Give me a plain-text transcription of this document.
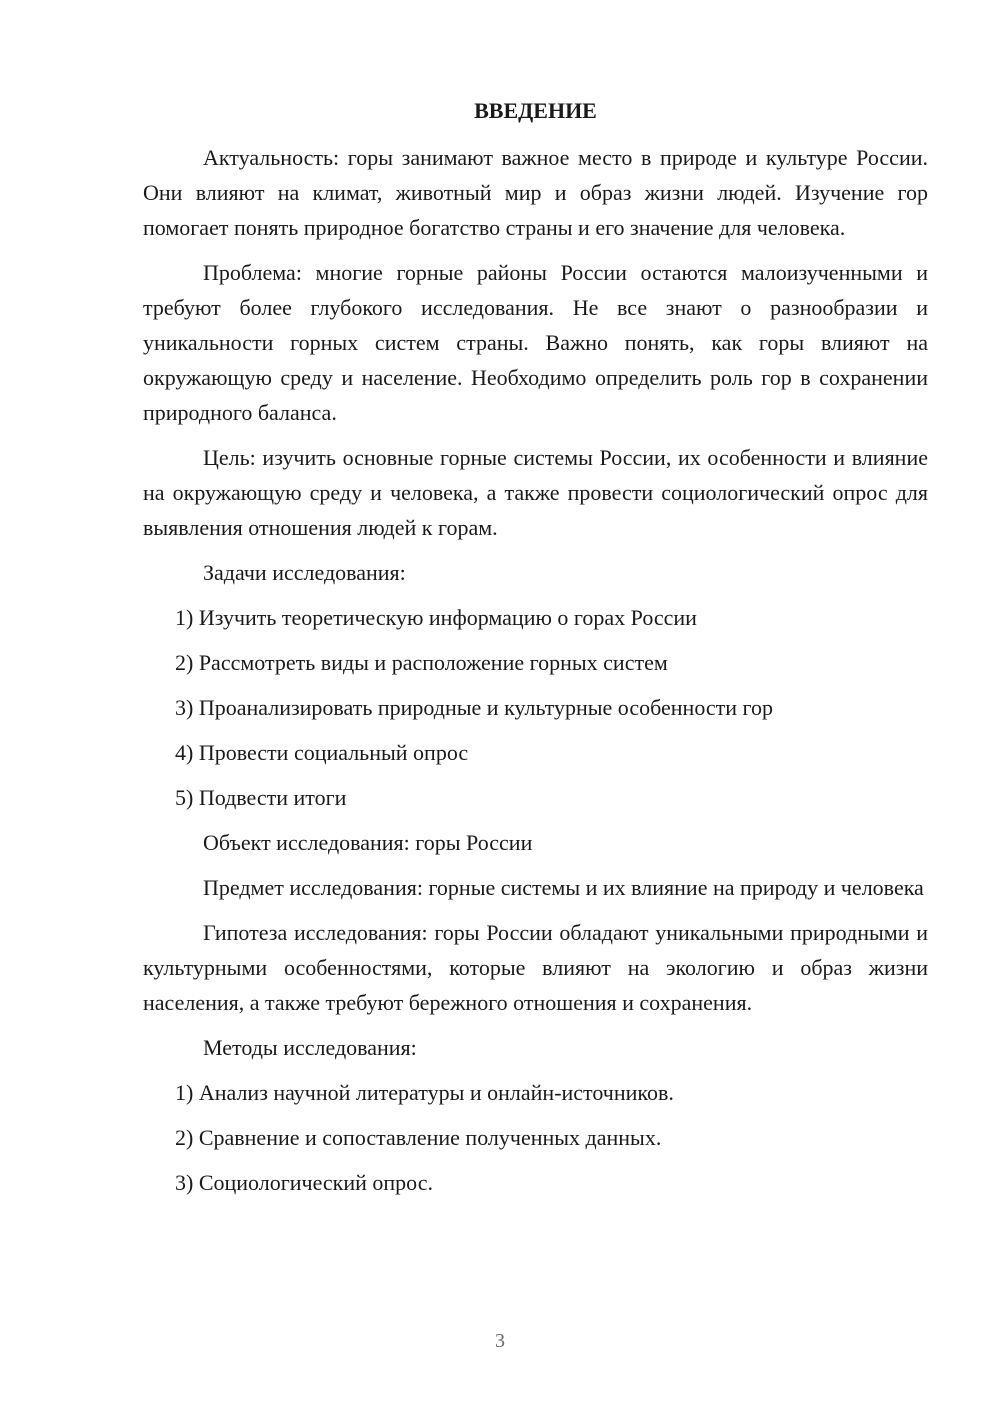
ВВЕДЕНИЕ

Актуальность: горы занимают важное место в природе и культуре России. Они влияют на климат, животный мир и образ жизни людей. Изучение гор помогает понять природное богатство страны и его значение для человека.

Проблема: многие горные районы России остаются малоизученными и требуют более глубокого исследования. Не все знают о разнообразии и уникальности горных систем страны. Важно понять, как горы влияют на окружающую среду и население. Необходимо определить роль гор в сохранении природного баланса.

Цель: изучить основные горные системы России, их особенности и влияние на окружающую среду и человека, а также провести социологический опрос для выявления отношения людей к горам.

Задачи исследования:
1) Изучить теоретическую информацию о горах России
2) Рассмотреть виды и расположение горных систем
3) Проанализировать природные и культурные особенности гор
4) Провести социальный опрос
5) Подвести итоги
Объект исследования: горы России

Предмет исследования: горные системы и их влияние на природу и человека

Гипотеза исследования: горы России обладают уникальными природными и культурными особенностями, которые влияют на экологию и образ жизни населения, а также требуют бережного отношения и сохранения.

Методы исследования:
1) Анализ научной литературы и онлайн-источников.
2) Сравнение и сопоставление полученных данных.
3) Социологический опрос.
3
